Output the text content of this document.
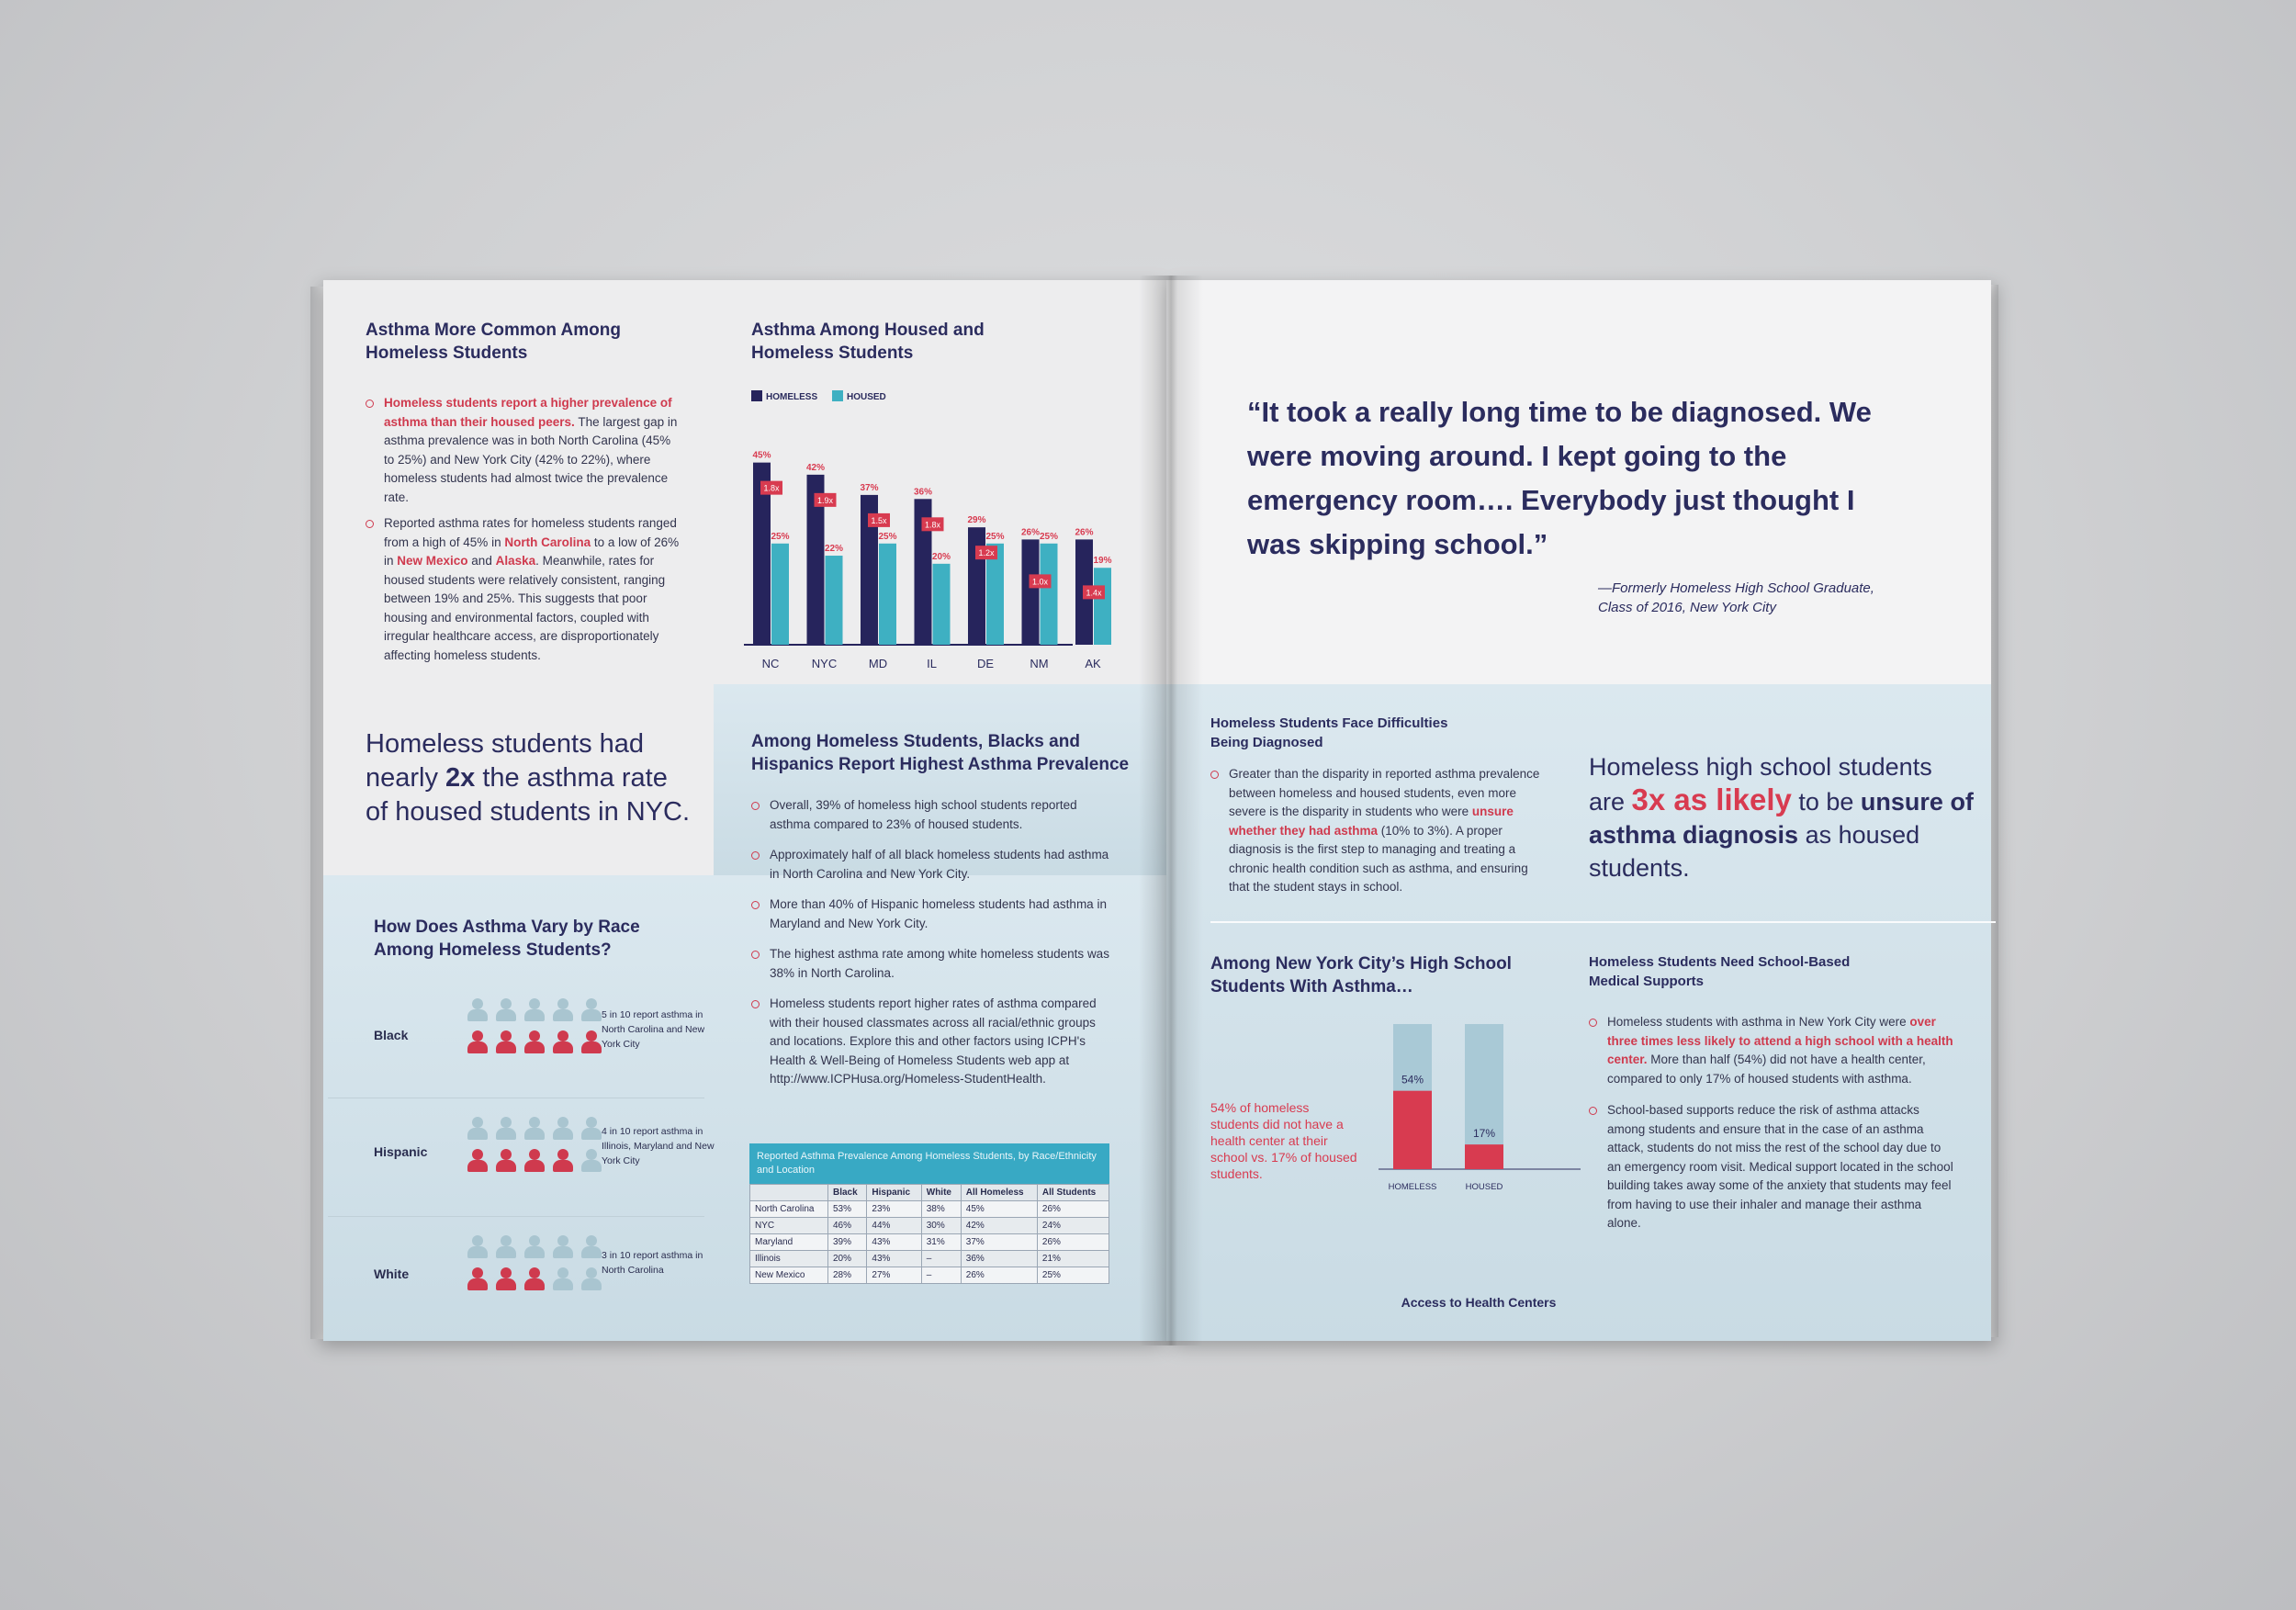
Asthma More Common Among Homeless Students
Homeless students report a higher prevalence of asthma than their housed peers. The largest gap in asthma prevalence was in both North Carolina (45% to 25%) and New York City (42% to 22%), where homeless students had almost twice the prevalence rate.
Reported asthma rates for homeless students ranged from a high of 45% in North Carolina to a low of 26% in New Mexico and Alaska. Meanwhile, rates for housed students were relatively consistent, ranging between 19% and 25%. This suggests that poor housing and environmental factors, coupled with irregular healthcare access, are disproportionately affecting homeless students.
Asthma Among Housed and Homeless Students
HOMELESS	HOUSED
45%
25%
1.8x
NC
42%
22%
1.9x
NYC
37%
25%
1.5x
MD
36%
20%
1.8x
IL
29%
25%
1.2x
DE
26% 25%
1.0x
NM
26%
19%
1.4x
AK
Homeless students had nearly 2x the asthma rate of housed students in NYC.
How Does Asthma Vary by Race Among Homeless Students?
Black
5 in 10 report asthma in North Carolina and New York City
Hispanic
4 in 10 report asthma in Illinois, Maryland and New York City
White
3 in 10 report asthma in North Carolina
Among Homeless Students, Blacks and Hispanics Report Highest Asthma Prevalence
Overall, 39% of homeless high school students reported asthma compared to 23% of housed students.
Approximately half of all black homeless students had asthma in North Carolina and New York City.
More than 40% of Hispanic homeless students had asthma in Maryland and New York City.
The highest asthma rate among white homeless students was 38% in North Carolina.
Homeless students report higher rates of asthma compared with their housed classmates across all racial/ethnic groups and locations. Explore this and other factors using ICPH's Health & Well-Being of Homeless Students web app at http://www.ICPHusa.org/Homeless-StudentHealth.
Reported Asthma Prevalence Among Homeless Students, by Race/Ethnicity and Location
	Black	Hispanic	White	All Homeless	All Students
North Carolina	53%	23%	38%	45%	26%
NYC	46%	44%	30%	42%	24%
Maryland	39%	43%	31%	37%	26%
Illinois	20%	43%	–	36%	21%
New Mexico	28%	27%	–	26%	25%
“It took a really long time to be diagnosed. We were moving around. I kept going to the emergency room…. Everybody just thought I was skipping school.”
—Formerly Homeless High School Graduate,
Class of 2016, New York City
Homeless Students Face Difficulties Being Diagnosed
Greater than the disparity in reported asthma prevalence between homeless and housed students, even more severe is the disparity in students who were unsure whether they had asthma (10% to 3%). A proper diagnosis is the first step to managing and treating a chronic health condition such as asthma, and ensuring that the student stays in school.
Homeless high school students are 3x as likely to be unsure of asthma diagnosis as housed students.
Among New York City’s High School Students With Asthma…
54% of homeless students did not have a health center at their school vs. 17% of housed students.
54%
HOMELESS
17%
HOUSED
Access to Health Centers
Homeless Students Need School-Based Medical Supports
Homeless students with asthma in New York City were over three times less likely to attend a high school with a health center. More than half (54%) did not have a health center, compared to only 17% of housed students with asthma.
School-based supports reduce the risk of asthma attacks among students and ensure that in the case of an asthma attack, students do not miss the rest of the school day due to an emergency room visit. Medical support located in the school building takes away some of the anxiety that students may feel from having to use their inhaler and manage their asthma alone.
